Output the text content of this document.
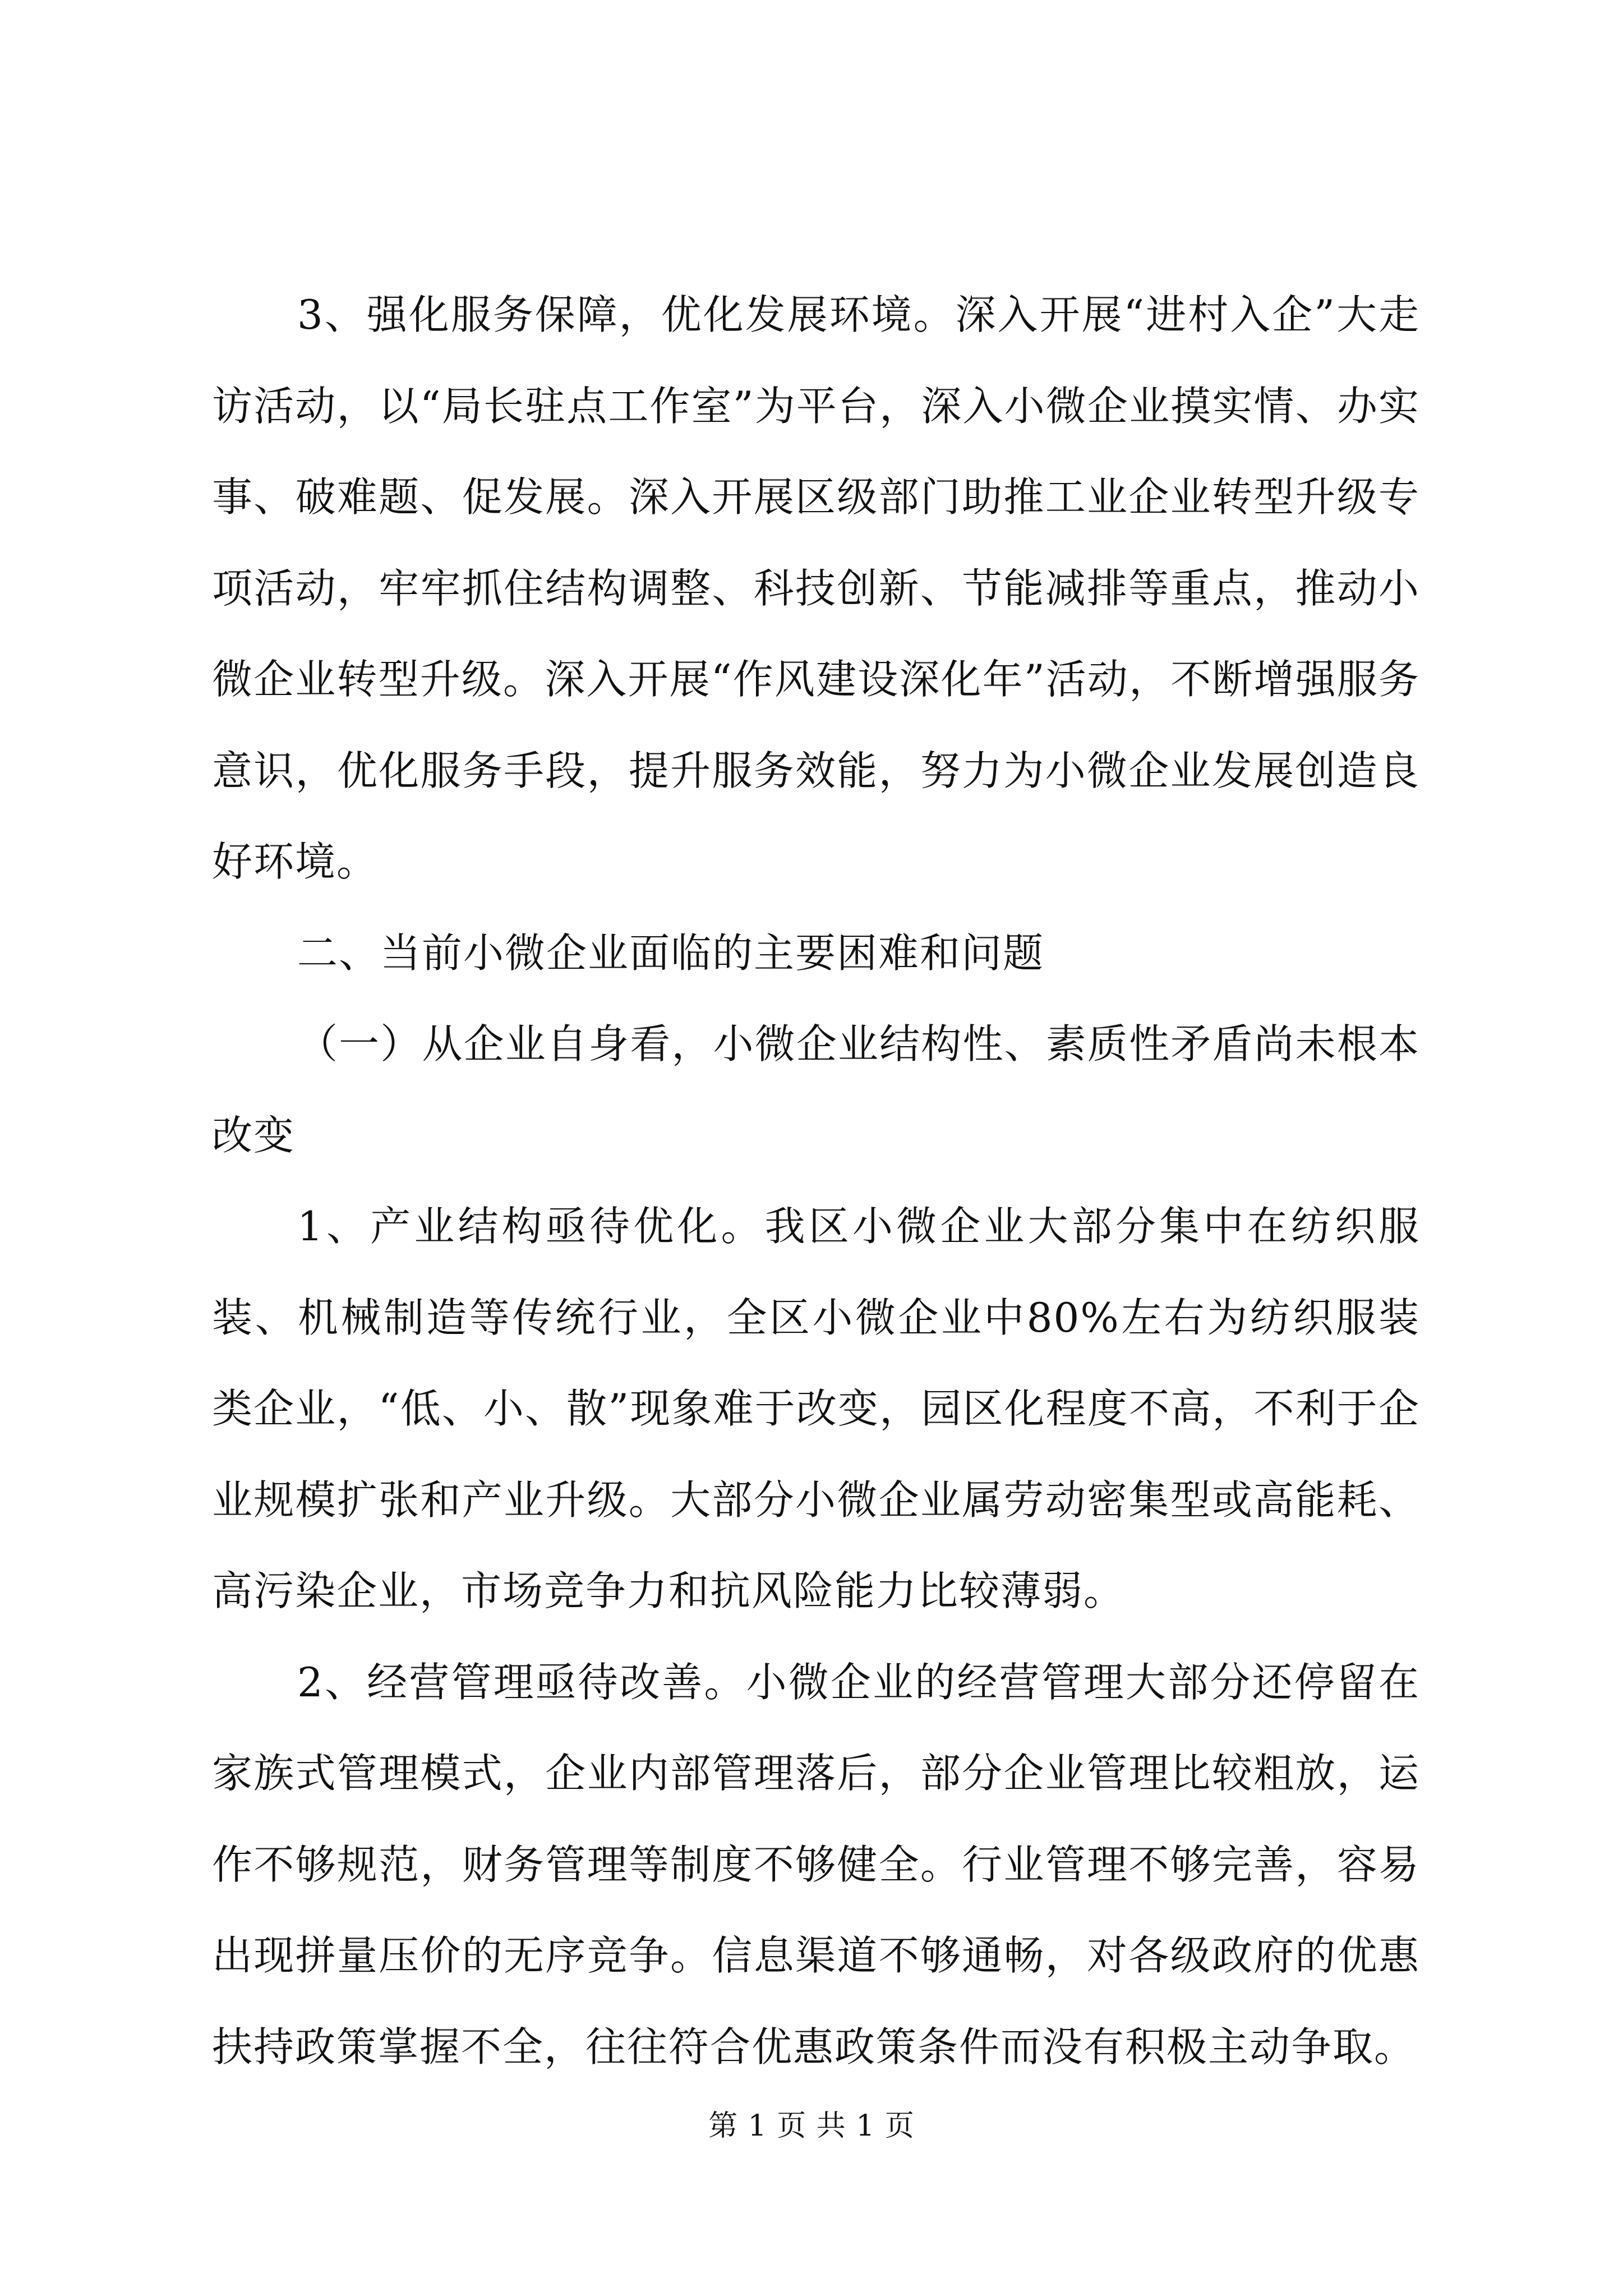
3、强化服务保障，优化发展环境。深入开展“进村入企”大走访活动，以“局长驻点工作室”为平台，深入小微企业摸实情、办实事、破难题、促发展。深入开展区级部门助推工业企业转型升级专项活动，牢牢抓住结构调整、科技创新、节能减排等重点，推动小微企业转型升级。深入开展“作风建设深化年”活动，不断增强服务意识，优化服务手段，提升服务效能，努力为小微企业发展创造良好环境。

二、当前小微企业面临的主要困难和问题

（一）从企业自身看，小微企业结构性、素质性矛盾尚未根本改变

1、产业结构亟待优化。我区小微企业大部分集中在纺织服装、机械制造等传统行业，全区小微企业中80%左右为纺织服装类企业，“低、小、散”现象难于改变，园区化程度不高，不利于企业规模扩张和产业升级。大部分小微企业属劳动密集型或高能耗、高污染企业，市场竞争力和抗风险能力比较薄弱。

2、经营管理亟待改善。小微企业的经营管理大部分还停留在家族式管理模式，企业内部管理落后，部分企业管理比较粗放，运作不够规范，财务管理等制度不够健全。行业管理不够完善，容易出现拼量压价的无序竞争。信息渠道不够通畅，对各级政府的优惠扶持政策掌握不全，往往符合优惠政策条件而没有积极主动争取。

第 1 页 共 1 页
